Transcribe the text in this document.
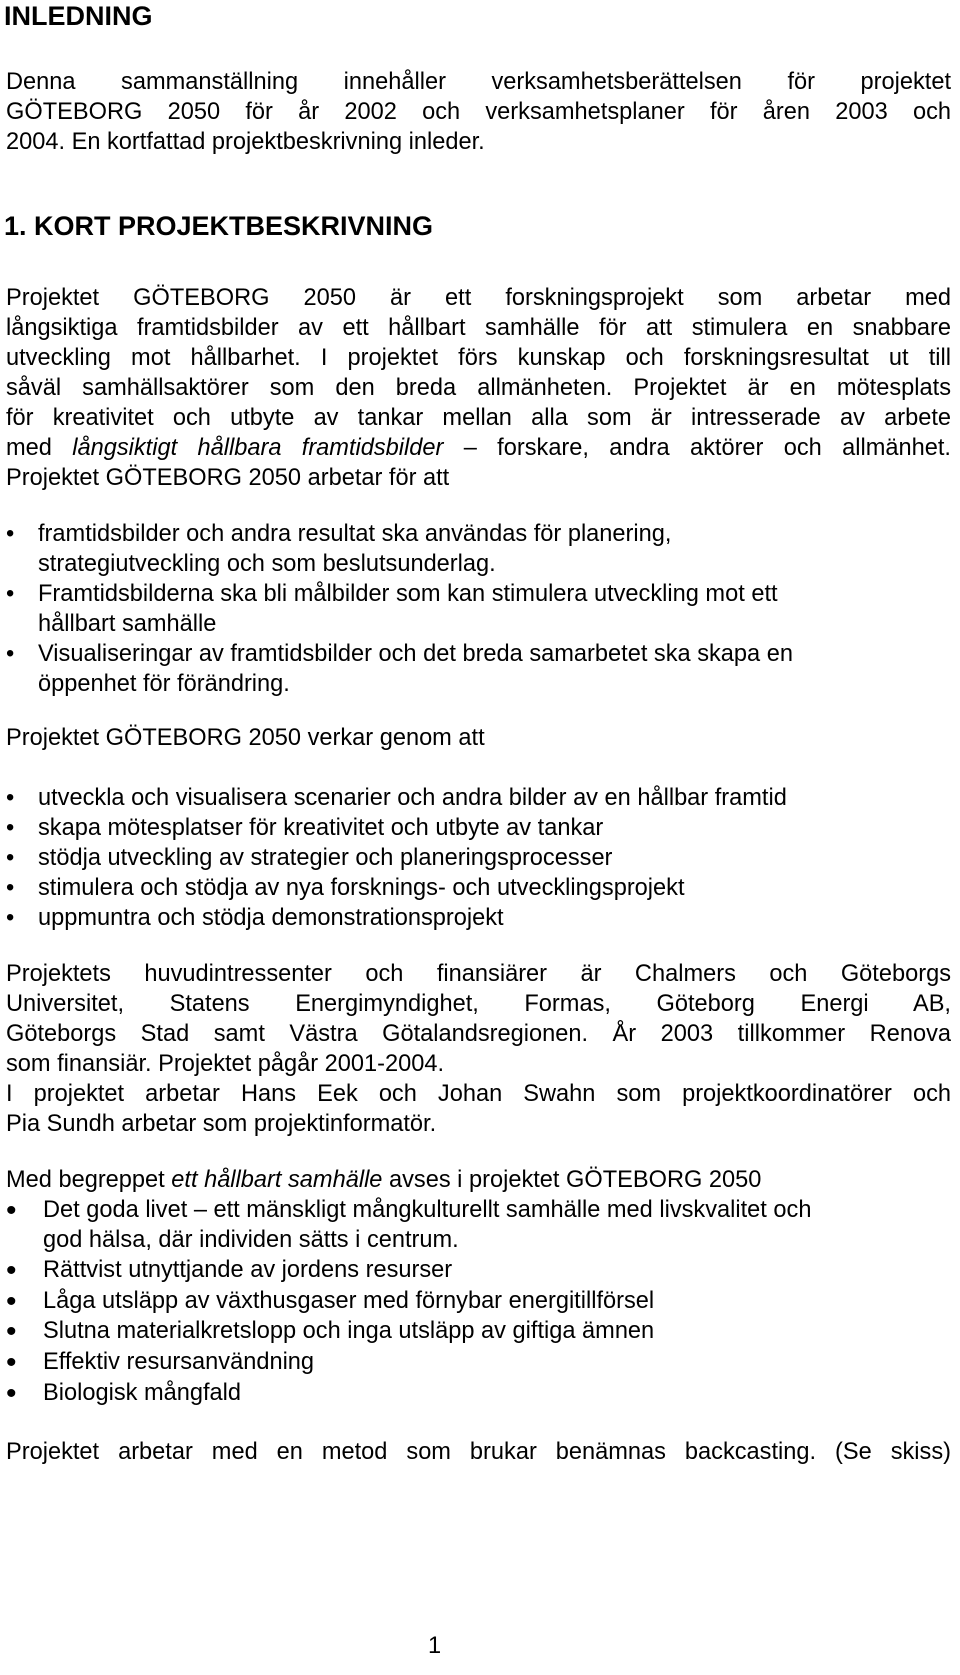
INLEDNING
Denna sammanställning innehåller verksamhetsberättelsen för projektet
GÖTEBORG 2050 för år 2002 och verksamhetsplaner för åren 2003 och
2004. En kortfattad projektbeskrivning inleder.
1. KORT PROJEKTBESKRIVNING
Projektet GÖTEBORG 2050 är ett forskningsprojekt som arbetar med
långsiktiga framtidsbilder av ett hållbart samhälle för att stimulera en snabbare
utveckling mot hållbarhet. I projektet förs kunskap och forskningsresultat ut till
såväl samhällsaktörer som den breda allmänheten. Projektet är en mötesplats
för kreativitet och utbyte av tankar mellan alla som är intresserade av arbete
med långsiktigt hållbara framtidsbilder – forskare, andra aktörer och allmänhet.
Projektet GÖTEBORG 2050 arbetar för att
• framtidsbilder och andra resultat ska användas för planering,
strategiutveckling och som beslutsunderlag.
• Framtidsbilderna ska bli målbilder som kan stimulera utveckling mot ett
hållbart samhälle
• Visualiseringar av framtidsbilder och det breda samarbetet ska skapa en
öppenhet för förändring.
Projektet GÖTEBORG 2050 verkar genom att
• utveckla och visualisera scenarier och andra bilder av en hållbar framtid
• skapa mötesplatser för kreativitet och utbyte av tankar
• stödja utveckling av strategier och planeringsprocesser
• stimulera och stödja av nya forsknings- och utvecklingsprojekt
• uppmuntra och stödja demonstrationsprojekt
Projektets huvudintressenter och finansiärer är Chalmers och Göteborgs
Universitet, Statens Energimyndighet, Formas, Göteborg Energi AB,
Göteborgs Stad samt Västra Götalandsregionen. År 2003 tillkommer Renova
som finansiär. Projektet pågår 2001-2004.
I projektet arbetar Hans Eek och Johan Swahn som projektkoordinatörer och
Pia Sundh arbetar som projektinformatör.
Med begreppet ett hållbart samhälle avses i projektet GÖTEBORG 2050
• Det goda livet – ett mänskligt mångkulturellt samhälle med livskvalitet och
god hälsa, där individen sätts i centrum.
• Rättvist utnyttjande av jordens resurser
• Låga utsläpp av växthusgaser med förnybar energitillförsel
• Slutna materialkretslopp och inga utsläpp av giftiga ämnen
• Effektiv resursanvändning
• Biologisk mångfald
Projektet arbetar med en metod som brukar benämnas backcasting. (Se skiss)
1
